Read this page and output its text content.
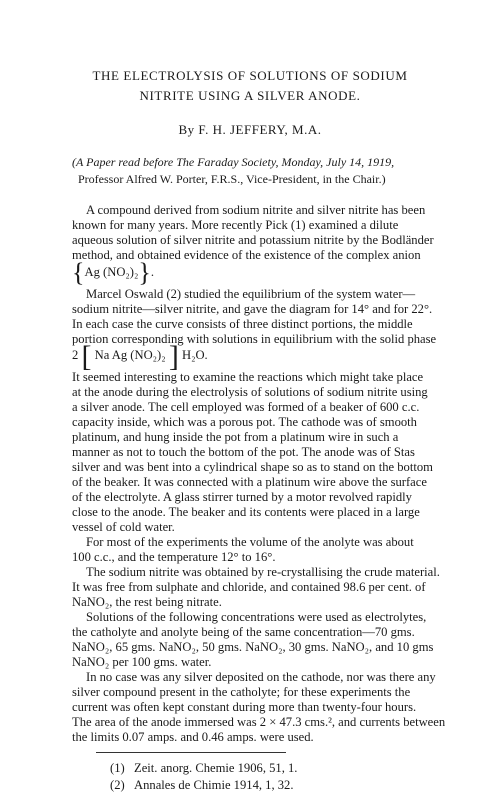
THE ELECTROLYSIS OF SOLUTIONS OF SODIUM
NITRITE USING A SILVER ANODE.
By F. H. JEFFERY, M.A.
(A Paper read before The Faraday Society, Monday, July 14, 1919,
Professor Alfred W. Porter, F.R.S., Vice-President, in the Chair.)
A compound derived from sodium nitrite and silver nitrite has been
known for many years. More recently Pick (1) examined a dilute
aqueous solution of silver nitrite and potassium nitrite by the Bodländer
method, and obtained evidence of the existence of the complex anion
{Ag (NO₂)₂}.
Marcel Oswald (2) studied the equilibrium of the system water—
sodium nitrite—silver nitrite, and gave the diagram for 14° and for 22°.
In each case the curve consists of three distinct portions, the middle
portion corresponding with solutions in equilibrium with the solid phase
2 [ Na Ag (NO₂)₂ ] H₂O.
It seemed interesting to examine the reactions which might take place
at the anode during the electrolysis of solutions of sodium nitrite using
a silver anode. The cell employed was formed of a beaker of 600 c.c.
capacity inside, which was a porous pot. The cathode was of smooth
platinum, and hung inside the pot from a platinum wire in such a
manner as not to touch the bottom of the pot. The anode was of Stas
silver and was bent into a cylindrical shape so as to stand on the bottom
of the beaker. It was connected with a platinum wire above the surface
of the electrolyte. A glass stirrer turned by a motor revolved rapidly
close to the anode. The beaker and its contents were placed in a large
vessel of cold water.
For most of the experiments the volume of the anolyte was about
100 c.c., and the temperature 12° to 16°.
The sodium nitrite was obtained by re-crystallising the crude material.
It was free from sulphate and chloride, and contained 98.6 per cent. of
NaNO₂, the rest being nitrate.
Solutions of the following concentrations were used as electrolytes,
the catholyte and anolyte being of the same concentration—70 gms.
NaNO₂, 65 gms. NaNO₂, 50 gms. NaNO₂, 30 gms. NaNO₂, and 10 gms
NaNO₂ per 100 gms. water.
In no case was any silver deposited on the cathode, nor was there any
silver compound present in the catholyte; for these experiments the
current was often kept constant during more than twenty-four hours.
The area of the anode immersed was 2 × 47.3 cms.², and currents between
the limits 0.07 amps. and 0.46 amps. were used.
(1) Zeit. anorg. Chemie 1906, 51, 1.
(2) Annales de Chimie 1914, 1, 32.
